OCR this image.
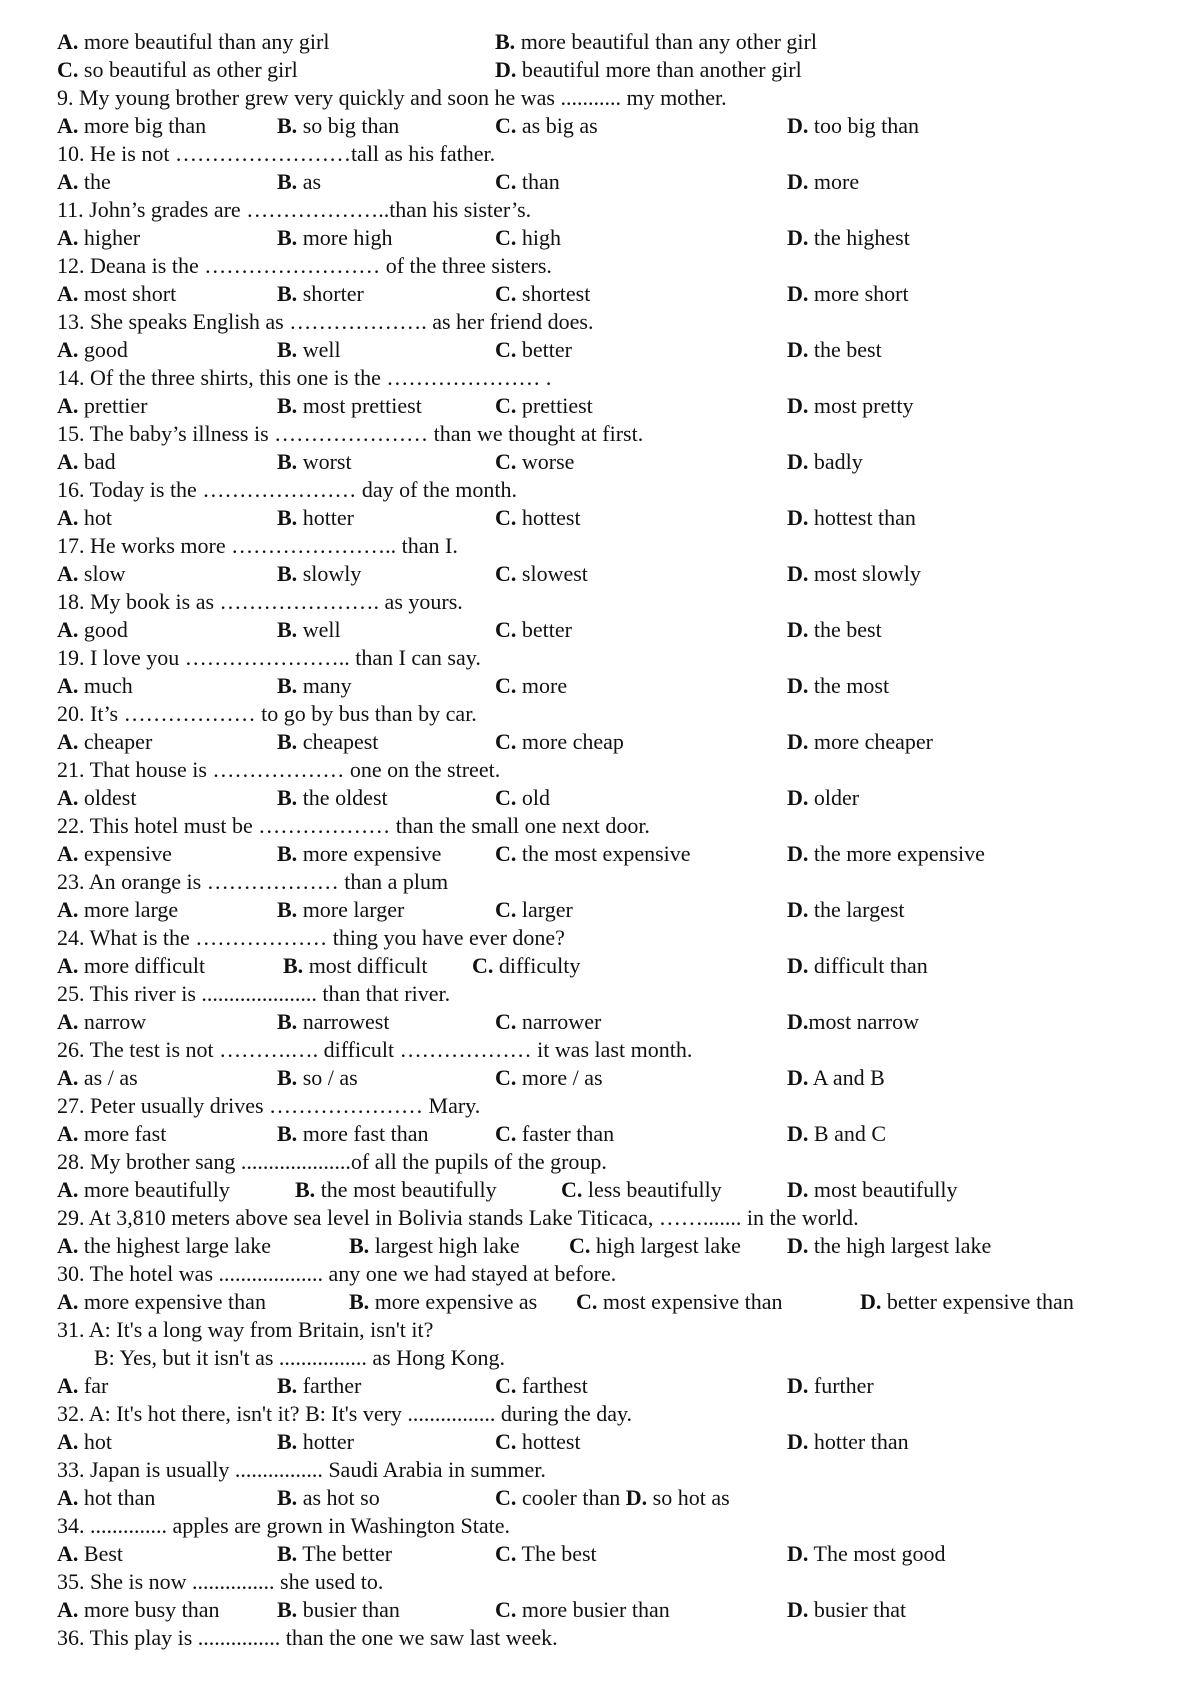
A. more beautiful than any girl	B. more beautiful than any other girl
C. so beautiful as other girl	D. beautiful more than another girl
9. My young brother grew very quickly and soon he was ........... my mother.
A. more big than	B. so big than	C. as big as	D. too big than
10. He is not ……………………tall as his father.
A. the	B. as	C. than	D. more
11. John’s grades are ………………..than his sister’s.
A. higher	B. more high	C. high	D. the highest
12. Deana is the …………………… of the three sisters.
A. most short	B. shorter	C. shortest	D. more short
13. She speaks English as ………………. as her friend does.
A. good	B. well	C. better	D. the best
14. Of the three shirts, this one is the ………………… .
A. prettier	B. most prettiest	C. prettiest	D. most pretty
15. The baby’s illness is ………………… than we thought at first.
A. bad	B. worst	C. worse	D. badly
16. Today is the ………………… day of the month.
A. hot	B. hotter	C. hottest	D. hottest than
17. He works more ………………….. than I.
A. slow	B. slowly	C. slowest	D. most slowly
18. My book is as …………………. as yours.
A. good	B. well	C. better	D. the best
19. I love you ………………….. than I can say.
A. much	B. many	C. more	D. the most
20. It’s ……………… to go by bus than by car.
A. cheaper	B. cheapest	C. more cheap	D. more cheaper
21. That house is ……………… one on the street.
A. oldest	B. the oldest	C. old	D. older
22. This hotel must be ……………… than the small one next door.
A. expensive	B. more expensive C. the most expensive	D. the more expensive
23. An orange is ……………… than a plum
A. more large	B. more larger	C. larger	D. the largest
24. What is the ……………… thing you have ever done?
A. more difficult	B. most difficult C. difficulty	D. difficult than
25. This river is ..................... than that river.
A. narrow	B. narrowest	C. narrower	D.most narrow
26. The test is not ……….…. difficult ……………… it was last month.
A. as / as	B. so / as	C. more / as	D. A and B
27. Peter usually drives ………………… Mary.
A. more fast	B. more fast than	C. faster than	D. B and C
28. My brother sang ....................of all the pupils of the group.
A. more beautifully	B. the most beautifully	C. less beautifully	D. most beautifully
29. At 3,810 meters above sea level in Bolivia stands Lake Titicaca, ……....... in the world.
A. the highest large lake	B. largest high lake C. high largest lake D. the high largest lake
30. The hotel was ................... any one we had stayed at before.
A. more expensive than	B. more expensive as C. most expensive than	D. better expensive than
31. A: It's a long way from Britain, isn't it?
B: Yes, but it isn't as ................ as Hong Kong.
A. far	B. farther	C. farthest	D. further
32. A: It's hot there, isn't it? B: It's very ................ during the day.
A. hot	B. hotter	C. hottest	D. hotter than
33. Japan is usually ................ Saudi Arabia in summer.
A. hot than	B. as hot so	C. cooler than D. so hot as
34. .............. apples are grown in Washington State.
A. Best	B. The better	C. The best	D. The most good
35. She is now ............... she used to.
A. more busy than	B. busier than	C. more busier than	D. busier that
36. This play is ............... than the one we saw last week.
